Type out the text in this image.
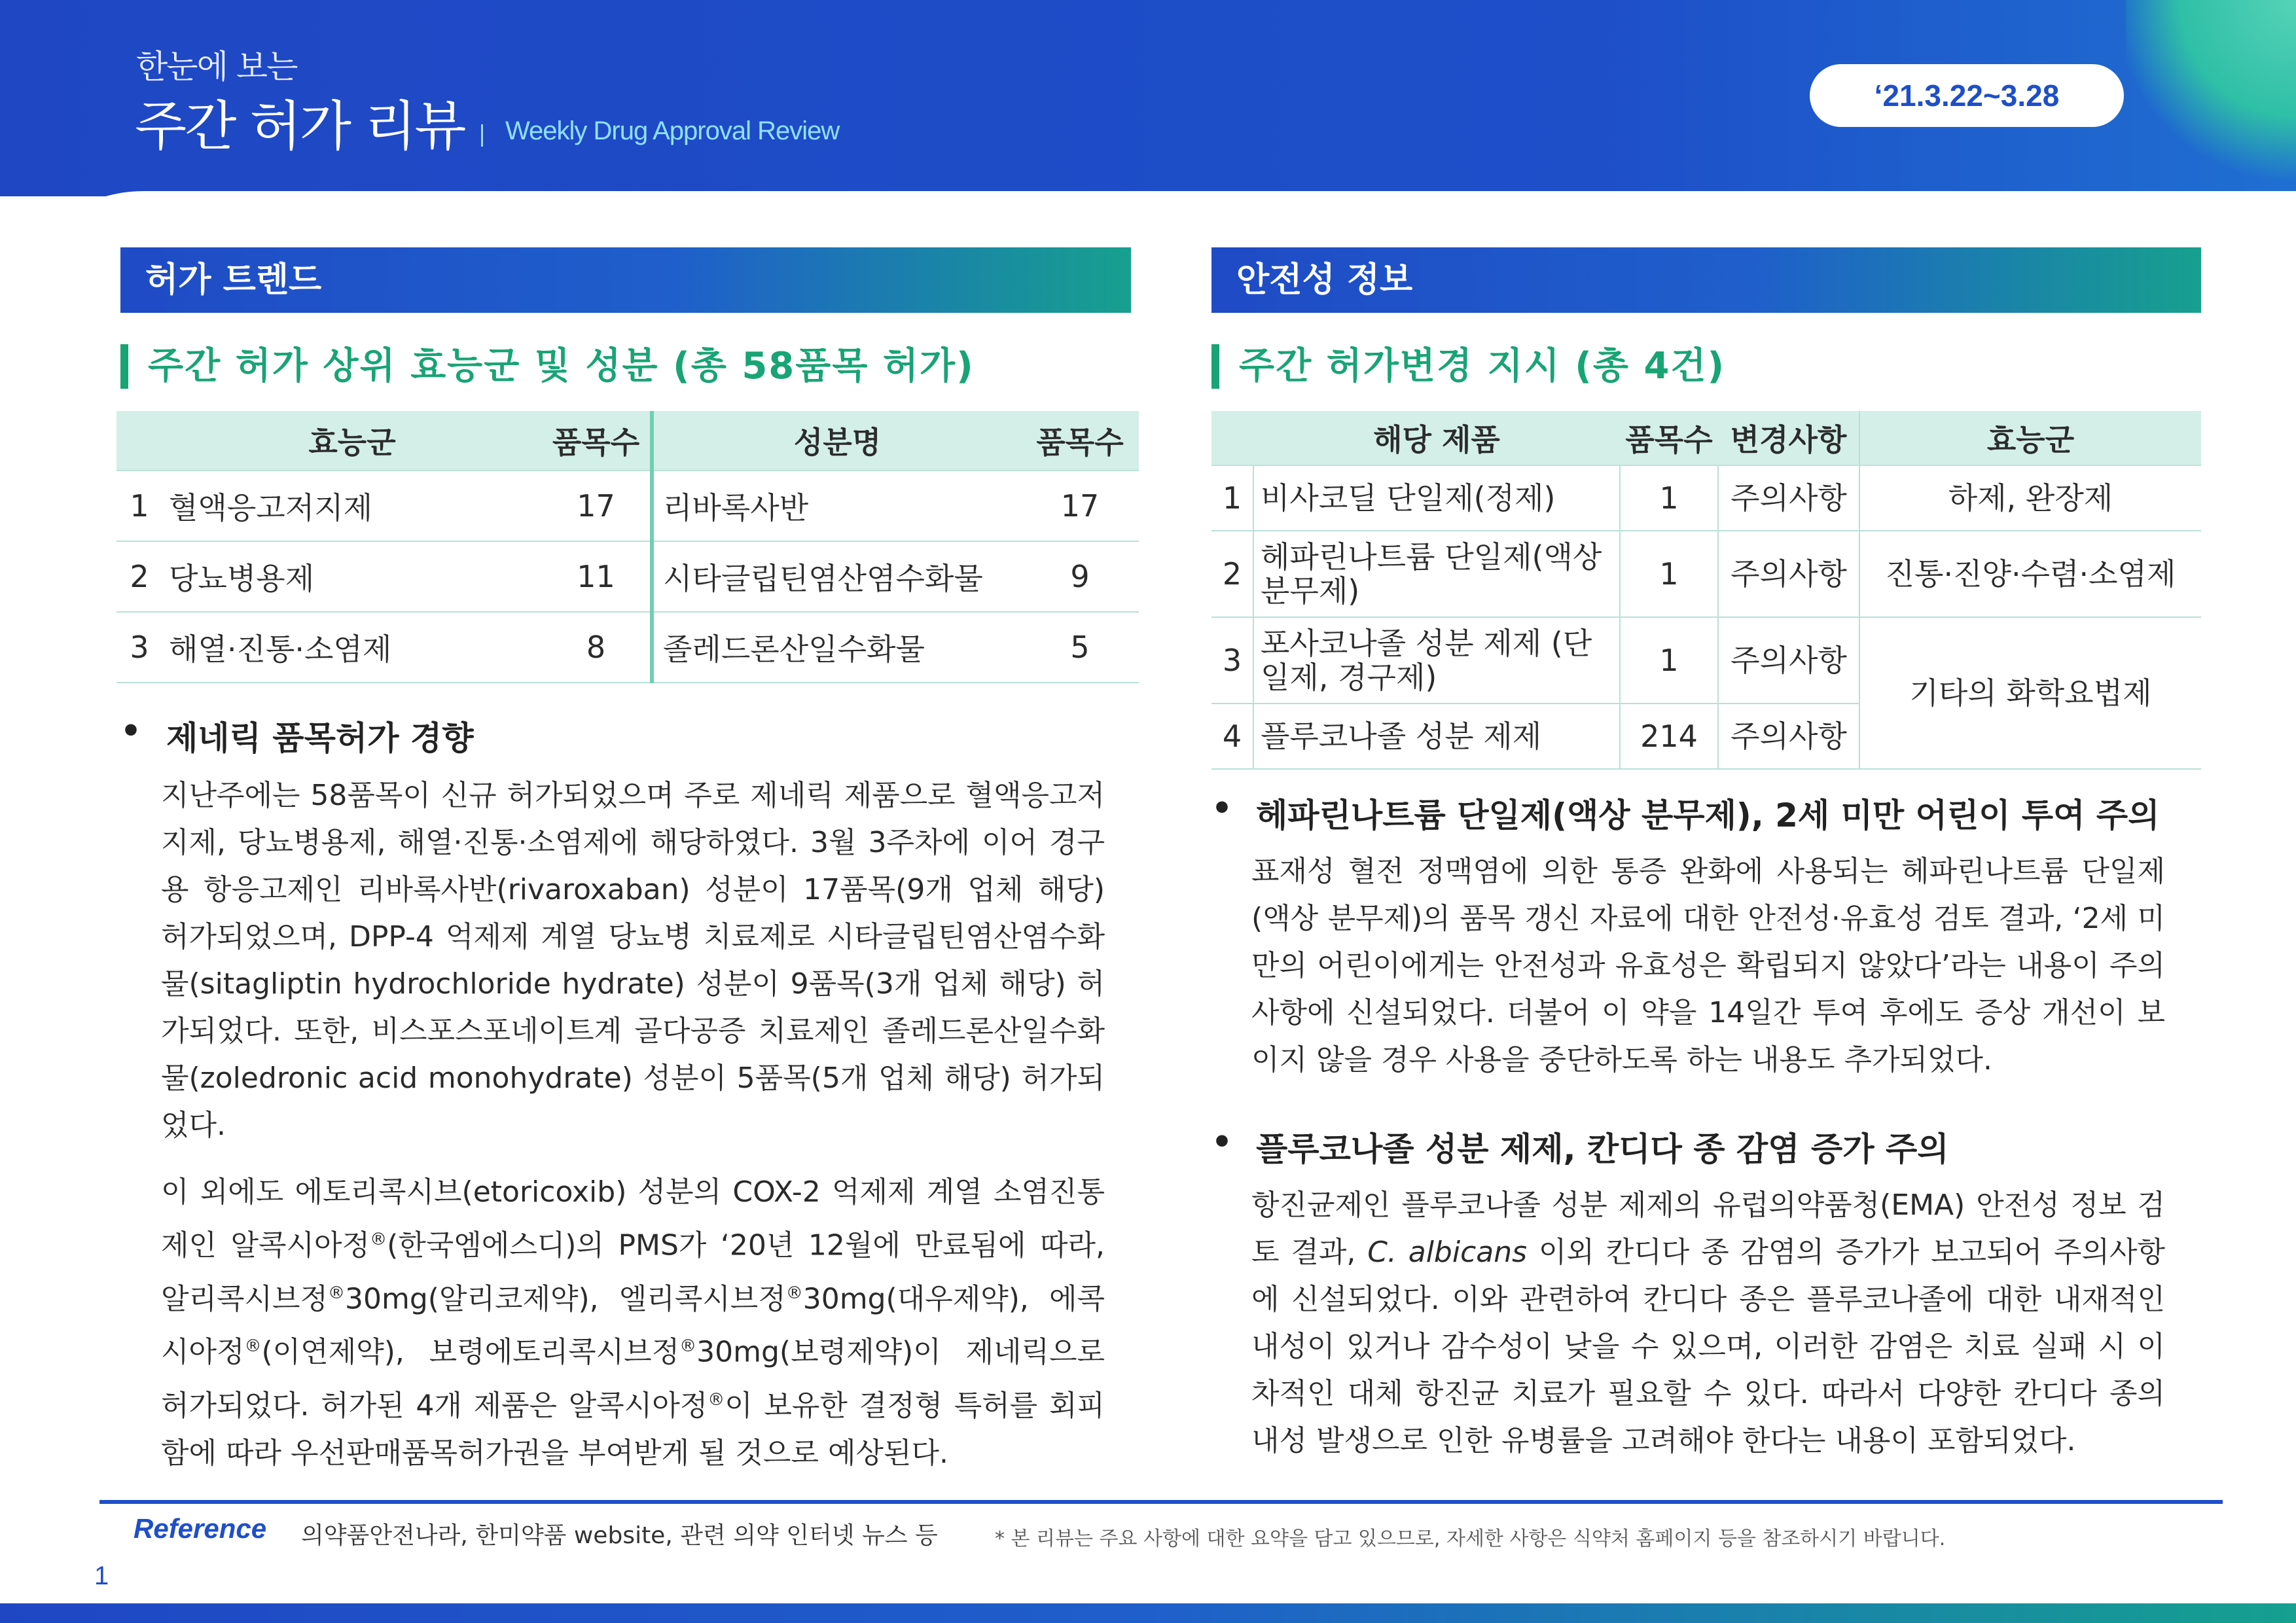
한눈에 보는
주간 허가 리뷰 Weekly Drug Approval Review
‘21.3.22~3.28
허가 트렌드
주간 허가 상위 효능군 및 성분 (총 58품목 허가)
	효능군	품목수	성분명	품목수
1	혈액응고저지제	17	리바록사반	17
2	당뇨병용제	11	시타글립틴염산염수화물	9
3	해열·진통·소염제	8	졸레드론산일수화물	5
• 제네릭 품목허가 경향
지난주에는 58품목이 신규 허가되었으며 주로 제네릭 제품으로 혈액응고저지제, 당뇨병용제, 해열·진통·소염제에 해당하였다. 3월 3주차에 이어 경구용 항응고제인 리바록사반(rivaroxaban) 성분이 17품목(9개 업체 해당) 허가되었으며, DPP-4 억제제 계열 당뇨병 치료제로 시타글립틴염산염수화물(sitagliptin hydrochloride hydrate) 성분이 9품목(3개 업체 해당) 허가되었다. 또한, 비스포스포네이트계 골다공증 치료제인 졸레드론산일수화물(zoledronic acid monohydrate) 성분이 5품목(5개 업체 해당) 허가되었다.
이 외에도 에토리콕시브(etoricoxib) 성분의 COX-2 억제제 계열 소염진통제인 알콕시아정®(한국엠에스디)의 PMS가 ‘20년 12월에 만료됨에 따라, 알리콕시브정®30mg(알리코제약), 엘리콕시브정®30mg(대우제약), 에콕시아정®(이연제약), 보령에토리콕시브정®30mg(보령제약)이 제네릭으로 허가되었다. 허가된 4개 제품은 알콕시아정®이 보유한 결정형 특허를 회피함에 따라 우선판매품목허가권을 부여받게 될 것으로 예상된다.
안전성 정보
주간 허가변경 지시 (총 4건)
	해당 제품	품목수	변경사항	효능군
1	비사코딜 단일제(정제)	1	주의사항	하제, 완장제
2	헤파린나트륨 단일제(액상 분무제)	1	주의사항	진통·진양·수렴·소염제
3	포사코나졸 성분 제제 (단일제, 경구제)	1	주의사항	기타의 화학요법제
4	플루코나졸 성분 제제	214	주의사항	
• 헤파린나트륨 단일제(액상 분무제), 2세 미만 어린이 투여 주의
표재성 혈전 정맥염에 의한 통증 완화에 사용되는 헤파린나트륨 단일제(액상 분무제)의 품목 갱신 자료에 대한 안전성·유효성 검토 결과, ‘2세 미만의 어린이에게는 안전성과 유효성은 확립되지 않았다’라는 내용이 주의사항에 신설되었다. 더불어 이 약을 14일간 투여 후에도 증상 개선이 보이지 않을 경우 사용을 중단하도록 하는 내용도 추가되었다.
• 플루코나졸 성분 제제, 칸디다 종 감염 증가 주의
항진균제인 플루코나졸 성분 제제의 유럽의약품청(EMA) 안전성 정보 검토 결과, C. albicans 이외 칸디다 종 감염의 증가가 보고되어 주의사항에 신설되었다. 이와 관련하여 칸디다 종은 플루코나졸에 대한 내재적인 내성이 있거나 감수성이 낮을 수 있으며, 이러한 감염은 치료 실패 시 이차적인 대체 항진균 치료가 필요할 수 있다. 따라서 다양한 칸디다 종의 내성 발생으로 인한 유병률을 고려해야 한다는 내용이 포함되었다.
Reference 의약품안전나라, 한미약품 website, 관련 의약 인터넷 뉴스 등	* 본 리뷰는 주요 사항에 대한 요약을 담고 있으므로, 자세한 사항은 식약처 홈페이지 등을 참조하시기 바랍니다.
1
